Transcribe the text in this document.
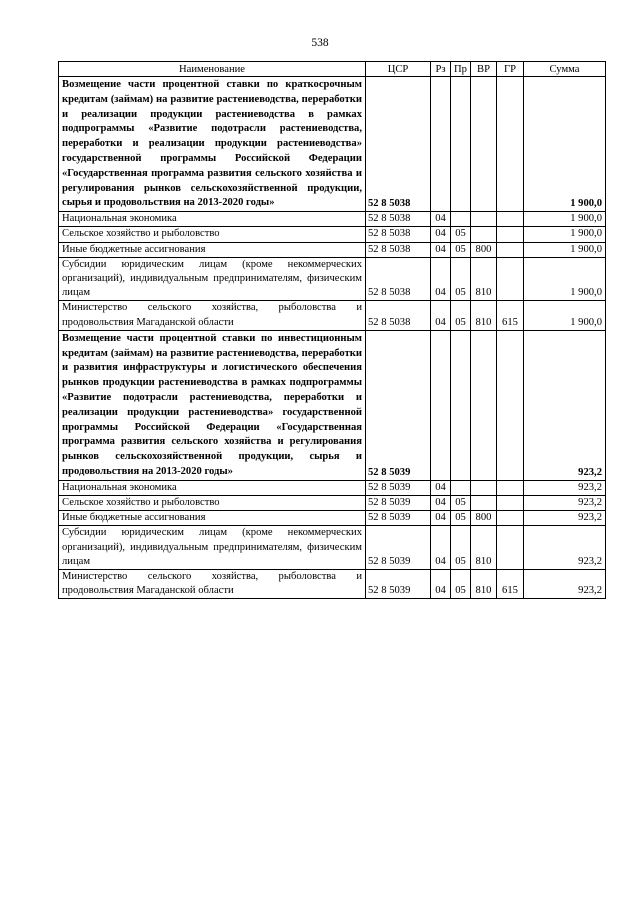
538
Наименование	ЦСР	Рз	Пр	ВР	ГР	Сумма
Возмещение части процентной ставки по краткосрочным кредитам (займам) на развитие растениеводства, переработки и реализации продукции растениеводства в рамках подпрограммы «Развитие подотрасли растениеводства, переработки и реализации продукции растениеводства» государственной программы Российской Федерации «Государственная программа развития сельского хозяйства и регулирования рынков сельскохозяйственной продукции, сырья и продовольствия на 2013-2020 годы»	52 8 5038					1 900,0
Национальная экономика	52 8 5038	04				1 900,0
Сельское хозяйство и рыболовство	52 8 5038	04	05			1 900,0
Иные бюджетные ассигнования	52 8 5038	04	05	800		1 900,0
Субсидии юридическим лицам (кроме некоммерческих организаций), индивидуальным предпринимателям, физическим лицам	52 8 5038	04	05	810		1 900,0
Министерство сельского хозяйства, рыболовства и продовольствия Магаданской области	52 8 5038	04	05	810	615	1 900,0
Возмещение части процентной ставки по инвестиционным кредитам (займам) на развитие растениеводства, переработки и развития инфраструктуры и логистического обеспечения рынков продукции растениеводства в рамках подпрограммы «Развитие подотрасли растениеводства, переработки и реализации продукции растениеводства» государственной программы Российской Федерации «Государственная программа развития сельского хозяйства и регулирования рынков сельскохозяйственной продукции, сырья и продовольствия на 2013-2020 годы»	52 8 5039					923,2
Национальная экономика	52 8 5039	04				923,2
Сельское хозяйство и рыболовство	52 8 5039	04	05			923,2
Иные бюджетные ассигнования	52 8 5039	04	05	800		923,2
Субсидии юридическим лицам (кроме некоммерческих организаций), индивидуальным предпринимателям, физическим лицам	52 8 5039	04	05	810		923,2
Министерство сельского хозяйства, рыболовства и продовольствия Магаданской области	52 8 5039	04	05	810	615	923,2
